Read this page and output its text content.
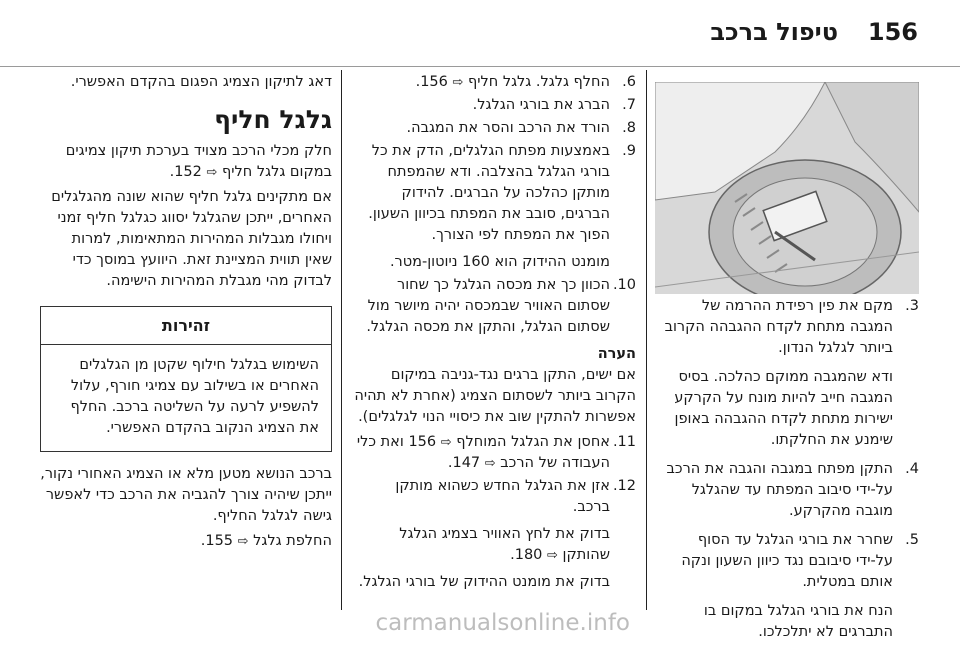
156
טיפול ברכב
3.
מקם את פין רפידת ההרמה של המגבה מתחת לקדח ההגבהה הקרוב ביותר לגלגל הנדון.

ודא שהמגבה ממוקם כהלכה. בסיס המגבה חייב להיות מונח על הקרקע ישירות מתחת לקדח ההגבהה באופן שימנע את החלקתו.

4.
התקן מפתח במגבה והגבה את הרכב על-ידי סיבוב המפתח עד שהגלגל מוגבה מהקרקע.
5.
שחרר את בורגי הגלגל עד הסוף על-ידי סיבובם נגד כיוון השעון ונקה אותם במטלית.

הנח את בורגי הגלגל במקום בו התברגים לא יתלכלכו.

6.
החלף גלגל. גלגל חליף ⇨ 156.
7.
הברג את בורגי הגלגל.
8.
הורד את הרכב והסר את המגבה.
9.
באמצעות מפתח הגלגלים, הדק את כל בורגי הגלגל בהצלבה. ודא שהמפתח מותקן כהלכה על הברגים. להידוק הברגים, סובב את המפתח בכיוון השעון. הפוך את המפתח לפי הצורך.
מומנט ההידוק הוא 160 ניוטון-מטר.
10.
הכוון כך את מכסה הגלגל כך שחור שסתום האוויר שבמכסה יהיה מיושר מול שסתום הגלגל, והתקן את מכסה הגלגל.
הערה

אם ישים, התקן ברגים נגד-גניבה במיקום הקרוב ביותר לשסתום הצמיג (אחרת לא תהיה אפשרות להתקין שוב את כיסויי הנוי לגלגלים).

11.
אחסן את הגלגל המוחלף ⇨ 156 ואת כלי העבודה של הרכב ⇨ 147.
12.
אזן את הגלגל החדש כשהוא מותקן ברכב.
בדוק את לחץ האוויר בצמיג הגלגל שהותקן ⇨ 180.
בדוק את מומנט ההידוק של בורגי הגלגל.

דאג לתיקון הצמיג הפגום בהקדם האפשרי.

גלגל חליף

חלק מכלי הרכב מצויד בערכת תיקון צמיגים במקום גלגל חליף ⇨ 152.

אם מתקינים גלגל חליף שהוא שונה מהגלגלים האחרים, ייתכן שהגלגל יסווג כגלגל חליף זמני ויחולו מגבלות המהירות המתאימות, למרות שאין תווית המציינת זאת. היוועץ במוסך כדי לבדוק מהי מגבלת המהירות הישימה.

זהירות
השימוש בגלגל חילוף שקטן מן הגלגלים האחרים או בשילוב עם צמיגי חורף, עלול להשפיע לרעה על השליטה ברכב. החלף את הצמיג הנקוב בהקדם האפשרי.

ברכב הנושא מטען מלא או הצמיג האחורי נקור, ייתכן שיהיה צורך להגביה את הרכב כדי לאפשר גישה לגלגל החליף.

החלפת גלגל ⇨ 155.

carmanualsonline.info
